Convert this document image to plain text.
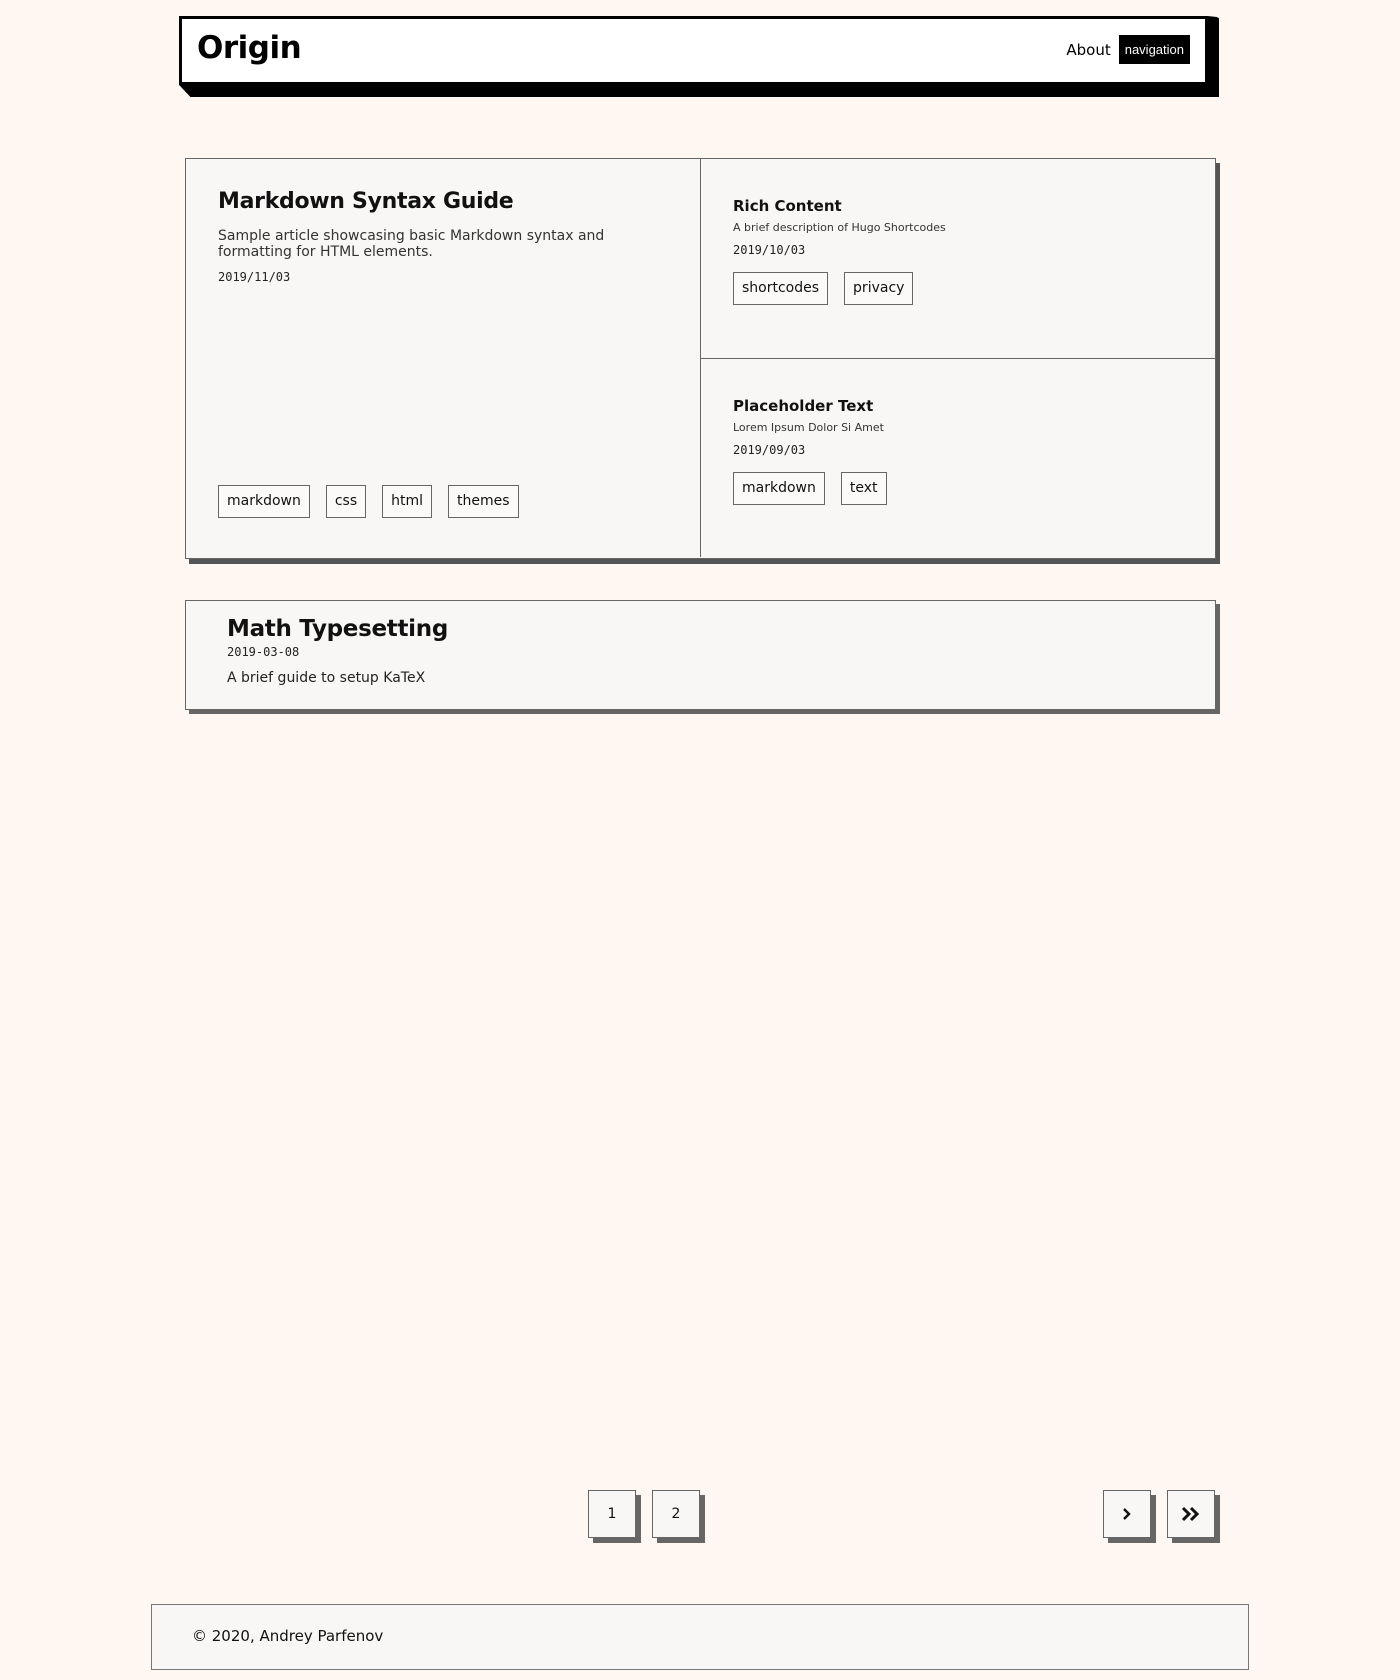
Origin	About	navigation
Markdown Syntax Guide

Sample article showcasing basic Markdown syntax and formatting for HTML elements.

2019/11/03
markdown	css	html	themes
Rich Content

A brief description of Hugo Shortcodes

2019/10/03
shortcodes	privacy
Placeholder Text

Lorem Ipsum Dolor Si Amet

2019/09/03
markdown	text
Math Typesetting
2019-03-08

A brief guide to setup KaTeX

1	2
© 2020, Andrey Parfenov
